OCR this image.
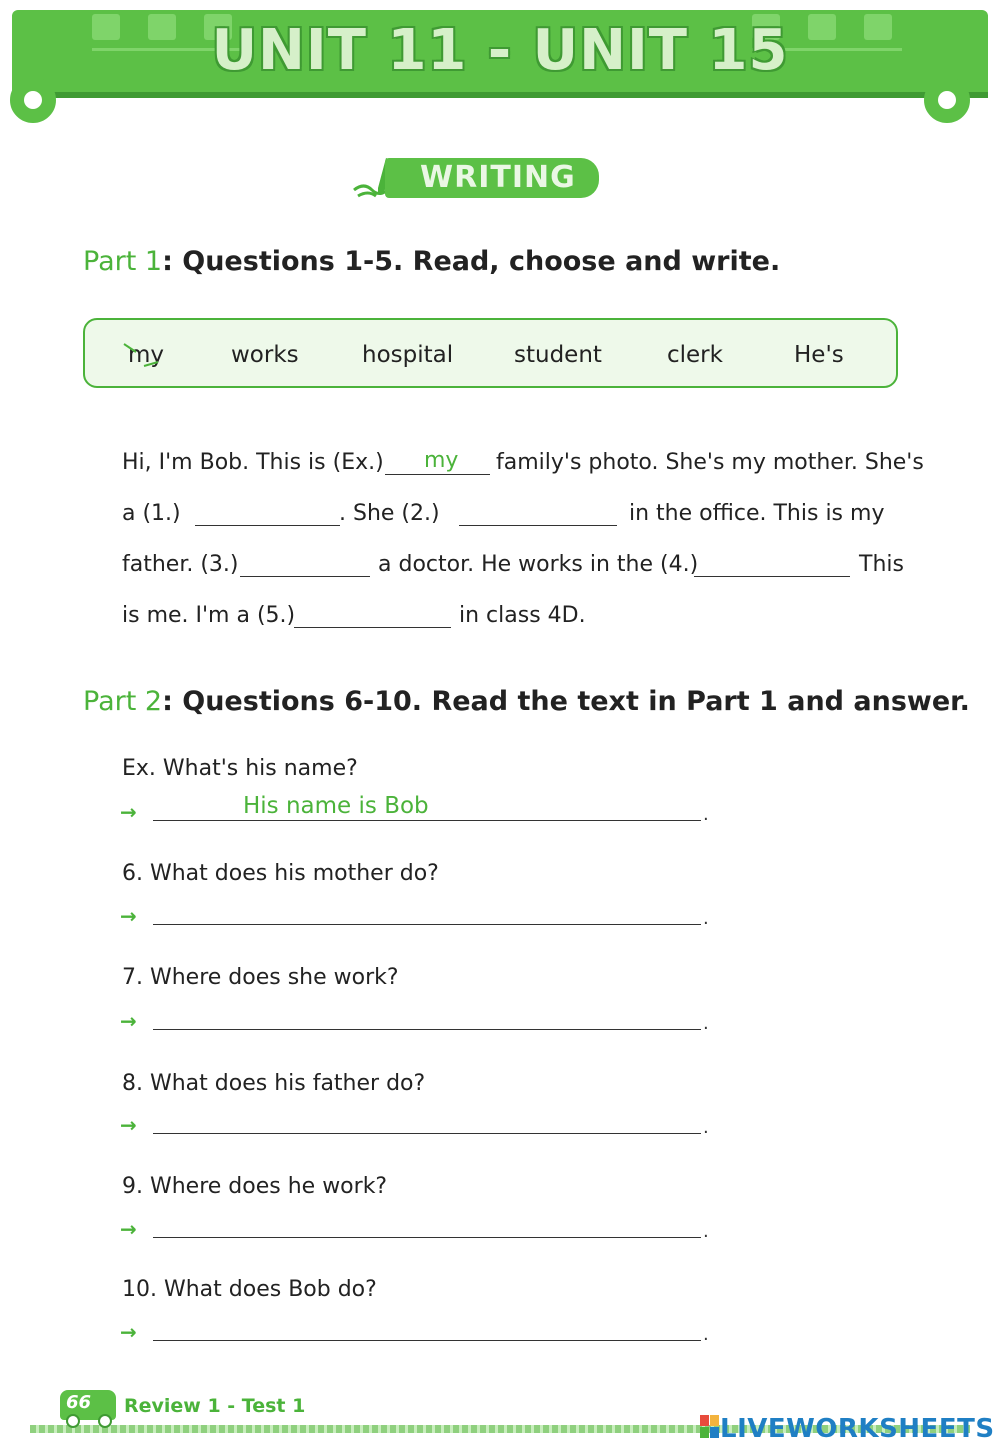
UNIT 11 - UNIT 15
WRITING
Part 1: Questions 1-5. Read, choose and write.
my	works	hospital	student	clerk	He's
Hi, I'm Bob. This is (Ex.) my family's photo. She's my mother. She's
a (1.)	. She (2.)	in the office. This is my
father. (3.)	a doctor. He works in the (4.)	This
is me. I'm a (5.)	in class 4D.
Part 2: Questions 6-10. Read the text in Part 1 and answer.
Ex. What's his name?
→	His name is Bob	.
6. What does his mother do?
→	.
7. Where does she work?
→	.
8. What does his father do?
→	.
9. Where does he work?
→	.
10. What does Bob do?
→	.
66 Review 1 - Test 1
LIVEWORKSHEETS
